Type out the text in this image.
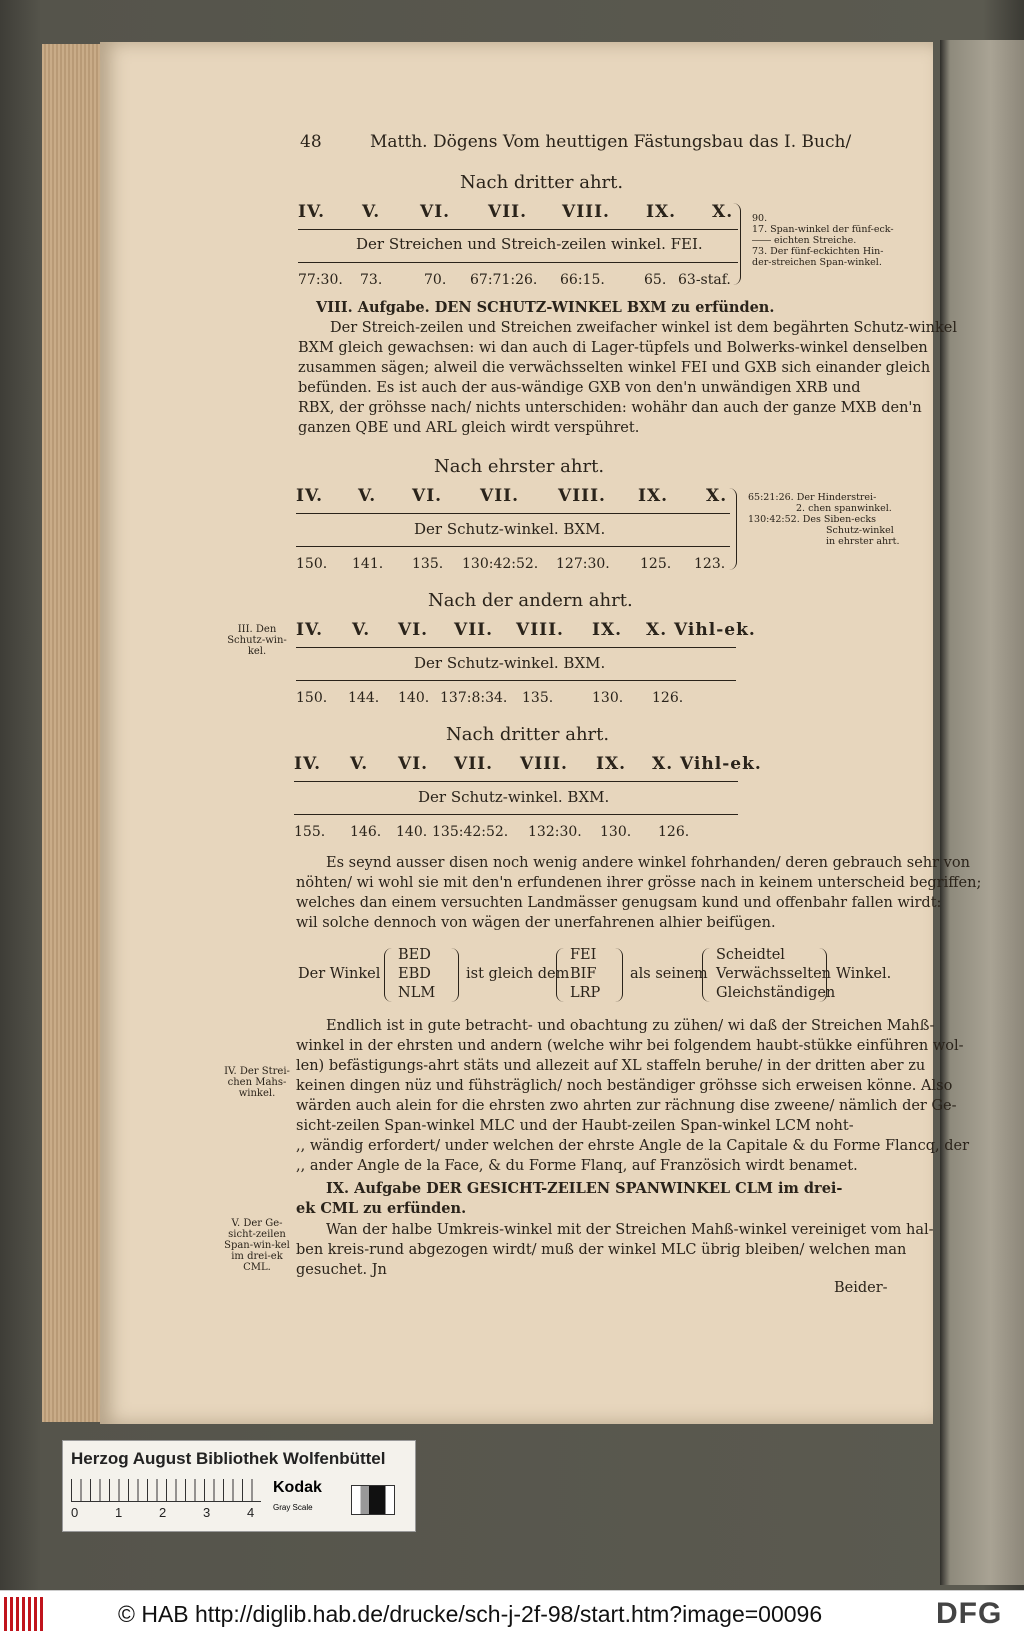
48	Matth. Dögens Vom heuttigen Fästungsbau das I. Buch/
Nach dritter ahrt.
IV. V. VI. VII. VIII. IX. X.
Der Streichen und Streich-zeilen winkel. FEI.
77:30. 73.	70. 67:71:26. 66:15.	65. 63-staf.
90.
17. Span-winkel der fünf-eck-
―― eichten Streiche.
73. Der fünf-eckichten Hin-
der-streichen Span-winkel.
VIII. Aufgabe. DEN SCHUTZ-WINKEL BXM zu erfünden.
Der Streich-zeilen und Streichen zweifacher winkel ist dem begährten Schutz-winkel
BXM gleich gewachsen: wi dan auch di Lager-tüpfels und Bolwerks-winkel denselben
zusammen sägen; alweil die verwächsselten winkel FEI und GXB sich einander gleich
befünden. Es ist auch der aus-wändige GXB von den'n unwändigen XRB und
RBX, der gröhsse nach/ nichts unterschiden: wohähr dan auch der ganze MXB den'n
ganzen QBE und ARL gleich wirdt verspühret.
Nach ehrster ahrt.
IV. V. VI. VII. VIII. IX. X.
Der Schutz-winkel. BXM.
150. 141. 135. 130:42:52. 127:30. 125. 123.
65:21:26. Der Hinderstrei-
2. chen spanwinkel.
130:42:52. Des Siben-ecks
Schutz-winkel
in ehrster ahrt.
III. Den Schutz-win-kel.
Nach der andern ahrt.
IV. V. VI. VII. VIII. IX. X. Vihl-ek.
Der Schutz-winkel. BXM.
150. 144. 140. 137:8:34. 135.	130. 126.
Nach dritter ahrt.
IV. V. VI. VII. VIII. IX. X. Vihl-ek.
Der Schutz-winkel. BXM.
155. 146. 140. 135:42:52. 132:30. 130. 126.
Es seynd ausser disen noch wenig andere winkel fohrhanden/ deren gebrauch sehr von
nöhten/ wi wohl sie mit den'n erfundenen ihrer grösse nach in keinem unterscheid begriffen;
welches dan einem versuchten Landmässer genugsam kund und offenbahr fallen wirdt:
wil solche dennoch von wägen der unerfahrenen alhier beifügen.
Der Winkel
BED
EBD
NLM
ist gleich dem
FEI
BIF
LRP
als seinem
Scheidtel
Verwächsselten
Gleichständigen
Winkel.
IV. Der Strei-chen Mahs-winkel.
Endlich ist in gute betracht- und obachtung zu zühen/ wi daß der Streichen Mahß-
winkel in der ehrsten und andern (welche wihr bei folgendem haubt-stükke einführen wol-
len) befästigungs-ahrt stäts und allezeit auf XL staffeln beruhe/ in der dritten aber zu
keinen dingen nüz und fühsträglich/ noch beständiger gröhsse sich erweisen könne. Also
wärden auch alein for die ehrsten zwo ahrten zur rächnung dise zweene/ nämlich der Ge-
sicht-zeilen Span-winkel MLC und der Haubt-zeilen Span-winkel LCM noht-
,, wändig erfordert/ under welchen der ehrste Angle de la Capitale & du Forme Flancq, der
,, ander Angle de la Face, & du Forme Flanq, auf Französich wirdt benamet.
IX. Aufgabe DER GESICHT-ZEILEN SPANWINKEL CLM im drei-
ek CML zu erfünden.
V. Der Ge-sicht-zeilen Span-win-kel im drei-ek CML.
Wan der halbe Umkreis-winkel mit der Streichen Mahß-winkel vereiniget vom hal-
ben kreis-rund abgezogen wirdt/ muß der winkel MLC übrig bleiben/ welchen man
gesuchet. Jn
Beider-
Herzog August Bibliothek Wolfenbüttel
0	1	2	3	4
Kodak
Gray Scale
© HAB http://diglib.hab.de/drucke/sch-j-2f-98/start.htm?image=00096	DFG
